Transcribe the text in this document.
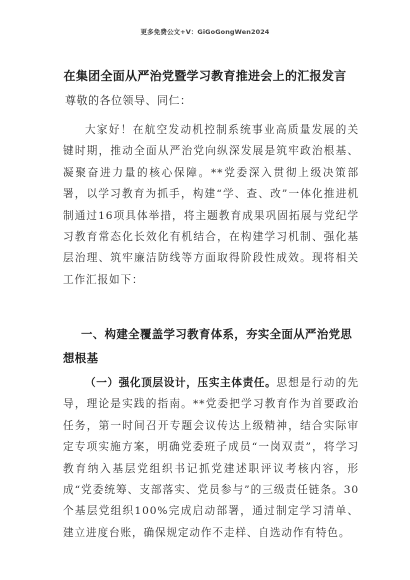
更多免费公文+V：GiGoGongWen2024
在集团全面从严治党暨学习教育推进会上的汇报发言
尊敬的各位领导、同仁：

大家好！在航空发动机控制系统事业高质量发展的关键时期，推动全面从严治党向纵深发展是筑牢政治根基、凝聚奋进力量的核心保障。**党委深入贯彻上级决策部署，以学习教育为抓手，构建“学、查、改”一体化推进机制通过16项具体举措，将主题教育成果巩固拓展与党纪学习教育常态化长效化有机结合，在构建学习机制、强化基层治理、筑牢廉洁防线等方面取得阶段性成效。现将相关工作汇报如下：

一、构建全覆盖学习教育体系，夯实全面从严治党思想根基

（一）强化顶层设计，压实主体责任。思想是行动的先导，理论是实践的指南。**党委把学习教育作为首要政治任务，第一时间召开专题会议传达上级精神，结合实际审定专项实施方案，明确党委班子成员“一岗双责”，将学习教育纳入基层党组织书记抓党建述职评议考核内容，形成“党委统筹、支部落实、党员参与”的三级责任链条。30个基层党组织100%完成启动部署，通过制定学习清单、建立进度台账，确保规定动作不走样、自选动作有特色。
